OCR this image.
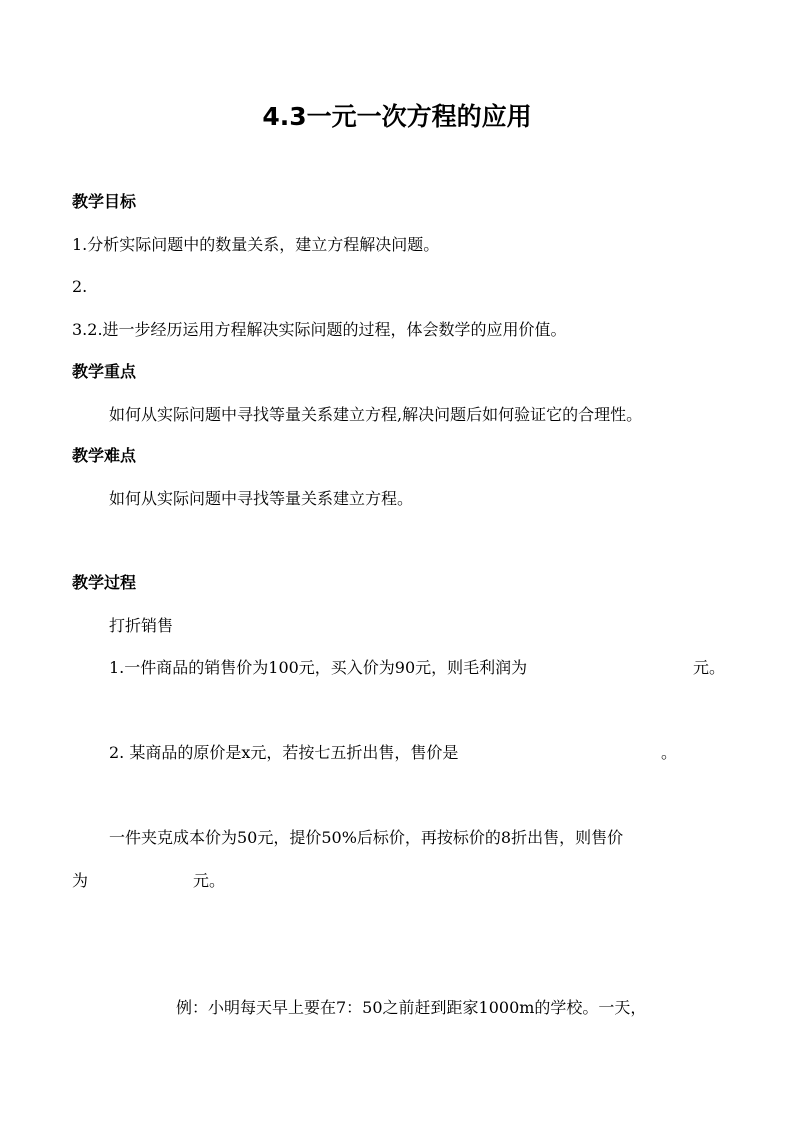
4.3一元一次方程的应用
教学目标
1.分析实际问题中的数量关系，建立方程解决问题。
2.
3.2.进一步经历运用方程解决实际问题的过程，体会数学的应用价值。
教学重点
如何从实际问题中寻找等量关系建立方程,解决问题后如何验证它的合理性。
教学难点
如何从实际问题中寻找等量关系建立方程。
教学过程
打折销售
1.一件商品的销售价为100元，买入价为90元，则毛利润为	元。
2. 某商品的原价是x元，若按七五折出售，售价是	。
一件夹克成本价为50元，提价50%后标价，再按标价的8折出售，则售价
为	元。
例：小明每天早上要在7：50之前赶到距家1000m的学校。一天，
